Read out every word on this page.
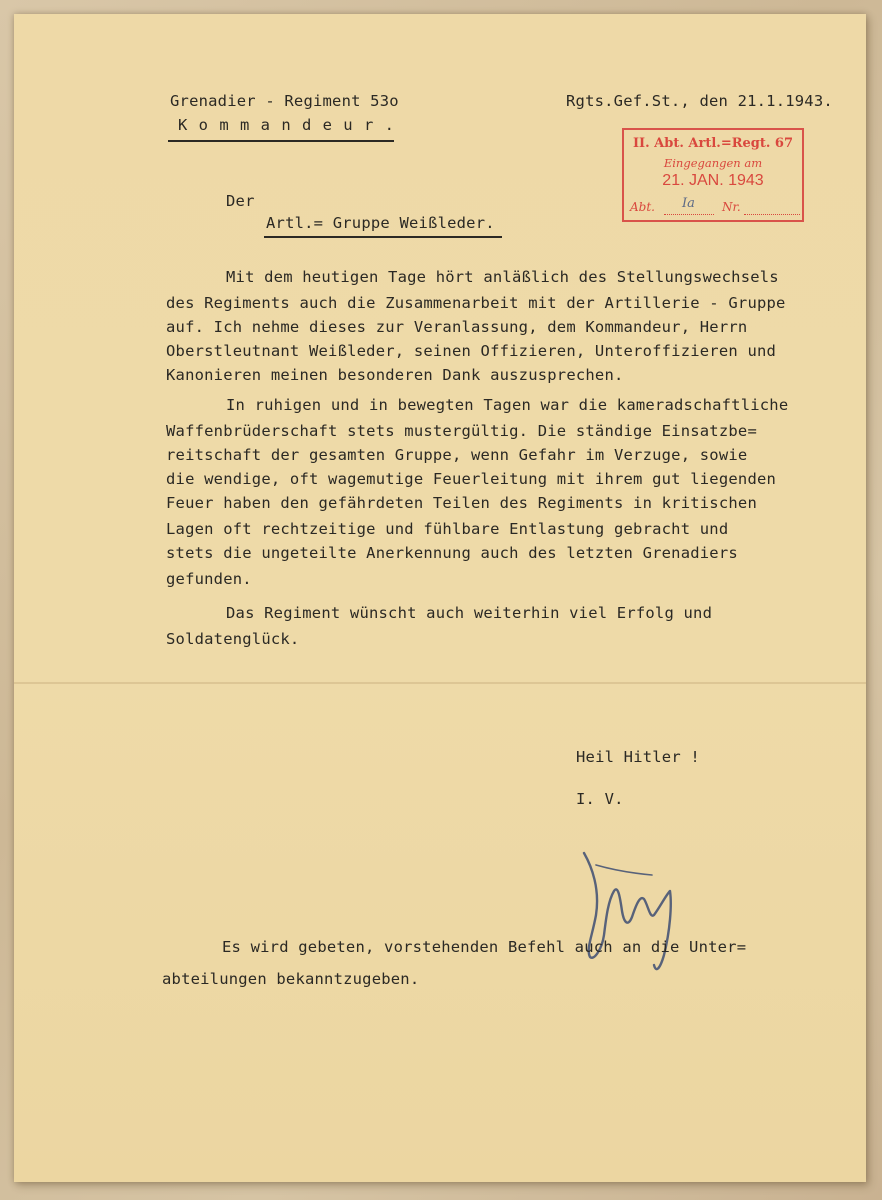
Grenadier - Regiment 53o
K o m m a n d e u r .
Rgts.Gef.St., den 21.1.1943.
II. Abt. Artl.=Regt. 67
Eingegangen am
21. JAN. 1943
Abt. Ia Nr.
Der
Artl.= Gruppe Weißleder.
Mit dem heutigen Tage hört anläßlich des Stellungswechsels
des Regiments auch die Zusammenarbeit mit der Artillerie - Gruppe
auf. Ich nehme dieses zur Veranlassung, dem Kommandeur, Herrn
Oberstleutnant Weißleder, seinen Offizieren, Unteroffizieren und
Kanonieren meinen besonderen Dank auszusprechen.
In ruhigen und in bewegten Tagen war die kameradschaftliche
Waffenbrüderschaft stets mustergültig. Die ständige Einsatzbe=
reitschaft der gesamten Gruppe, wenn Gefahr im Verzuge, sowie
die wendige, oft wagemutige Feuerleitung mit ihrem gut liegenden
Feuer haben den gefährdeten Teilen des Regiments in kritischen
Lagen oft rechtzeitige und fühlbare Entlastung gebracht und
stets die ungeteilte Anerkennung auch des letzten Grenadiers
gefunden.
Das Regiment wünscht auch weiterhin viel Erfolg und
Soldatenglück.
Heil Hitler !
I. V.
Es wird gebeten, vorstehenden Befehl auch an die Unter=
abteilungen bekanntzugeben.
